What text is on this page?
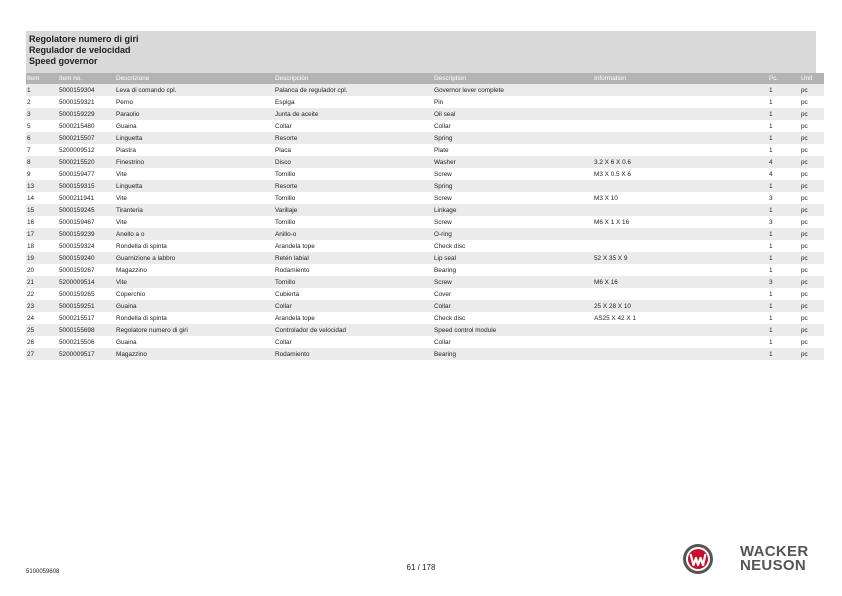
Regolatore numero di giri
Regulador de velocidad
Speed governor
Item	Item no.	Descrizione	Descripción	Description	Information	Pc.	Unit
1	5000159304	Leva di comando cpl.	Palanca de regulador cpl.	Governor lever complete		1	pc
2	5000159321	Perno	Espiga	Pin		1	pc
3	5000159229	Paraolio	Junta de aceite	Oil seal		1	pc
5	5000215480	Guaina	Collar	Collar		1	pc
6	5000215507	Linguetta	Resorte	Spring		1	pc
7	5200009512	Piastra	Placa	Plate		1	pc
8	5000215520	Finestrino	Disco	Washer	3.2 X 6 X 0.6	4	pc
9	5000159477	Vite	Tornillo	Screw	M3 X 0.5 X 6	4	pc
13	5000159315	Linguetta	Resorte	Spring		1	pc
14	5000211941	Vite	Tornillo	Screw	M3 X 10	3	pc
15	5000159245	Tiranteria	Varillaje	Linkage		1	pc
16	5000159467	Vite	Tornillo	Screw	M6 X 1 X 16	3	pc
17	5000159239	Anello a o	Anillo-o	O-ring		1	pc
18	5000159324	Rondella di spinta	Arandela tope	Check disc		1	pc
19	5000159240	Guarnizione a labbro	Retén labial	Lip seal	52 X 35 X 9	1	pc
20	5000159267	Magazzino	Rodamiento	Bearing		1	pc
21	5200009514	Vite	Tornillo	Screw	M6 X 16	3	pc
22	5000159265	Coperchio	Cubierta	Cover		1	pc
23	5000159251	Guaina	Collar	Collar	25 X 28 X 10	1	pc
24	5000215517	Rondella di spinta	Arandela tope	Check disc	AS25 X 42 X 1	1	pc
25	5000155698	Regolatore numero di giri	Controlador de velocidad	Speed control module		1	pc
26	5000215506	Guaina	Collar	Collar		1	pc
27	5200009517	Magazzino	Rodamiento	Bearing		1	pc
5100059608	61 / 178
WACKER
NEUSON
